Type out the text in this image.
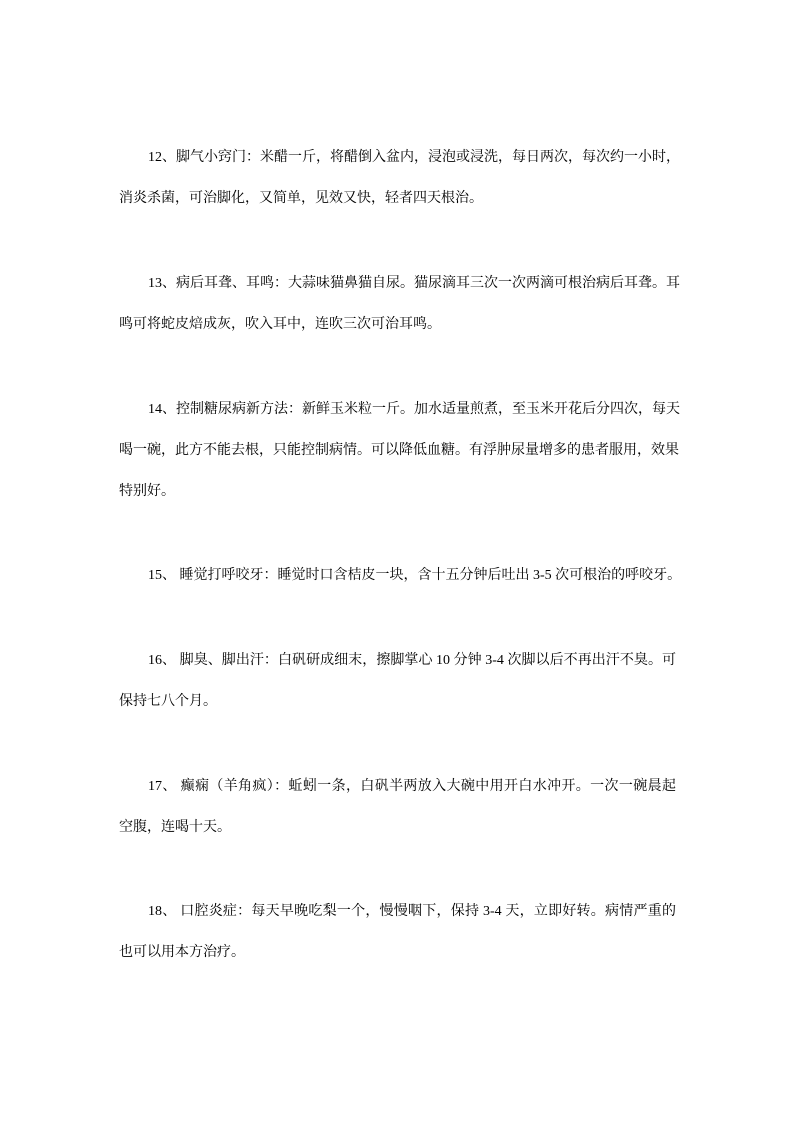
12、脚气小窍门：米醋一斤，将醋倒入盆内，浸泡或浸洗，每日两次，每次约一小时，
消炎杀菌，可治脚化，又简单，见效又快，轻者四天根治。
13、病后耳聋、耳鸣：大蒜味猫鼻猫自尿。猫尿滴耳三次一次两滴可根治病后耳聋。耳
鸣可将蛇皮焙成灰，吹入耳中，连吹三次可治耳鸣。
14、控制糖尿病新方法：新鲜玉米粒一斤。加水适量煎煮，至玉米开花后分四次，每天
喝一碗，此方不能去根，只能控制病情。可以降低血糖。有浮肿尿量增多的患者服用，效果
特别好。
15、 睡觉打呼咬牙：睡觉时口含桔皮一块，含十五分钟后吐出 3-5 次可根治的呼咬牙。
16、 脚臭、脚出汗：白矾研成细末，擦脚掌心 10 分钟 3-4 次脚以后不再出汗不臭。可
保持七八个月。
17、 癫痫（羊角疯）：蚯蚓一条，白矾半两放入大碗中用开白水冲开。一次一碗晨起
空腹，连喝十天。
18、 口腔炎症：每天早晚吃梨一个，慢慢咽下，保持 3-4 天，立即好转。病情严重的
也可以用本方治疗。
